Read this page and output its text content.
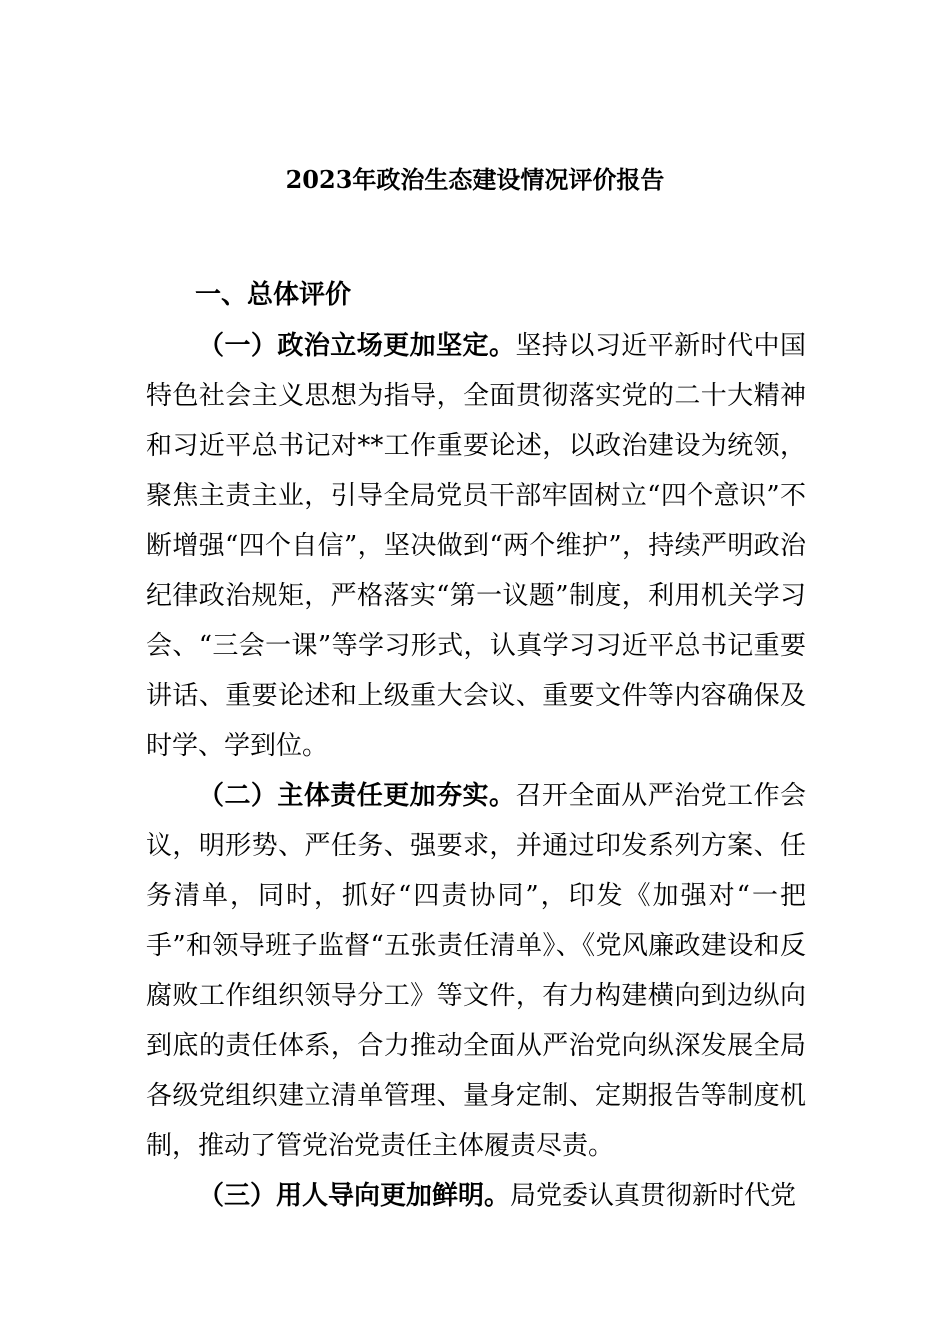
2023年政治生态建设情况评价报告
一、总体评价

（一）政治立场更加坚定。坚持以习近平新时代中国特色社会主义思想为指导，全面贯彻落实党的二十大精神和习近平总书记对**工作重要论述，以政治建设为统领，聚焦主责主业，引导全局党员干部牢固树立“四个意识”不断增强“四个自信”，坚决做到“两个维护”，持续严明政治纪律政治规矩，严格落实“第一议题”制度，利用机关学习会、“三会一课”等学习形式，认真学习习近平总书记重要讲话、重要论述和上级重大会议、重要文件等内容确保及时学、学到位。

（二）主体责任更加夯实。召开全面从严治党工作会议，明形势、严任务、强要求，并通过印发系列方案、任务清单，同时，抓好“四责协同”，印发《加强对“一把手”和领导班子监督“五张责任清单》、《党风廉政建设和反腐败工作组织领导分工》等文件，有力构建横向到边纵向到底的责任体系，合力推动全面从严治党向纵深发展全局各级党组织建立清单管理、量身定制、定期报告等制度机制，推动了管党治党责任主体履责尽责。

（三）用人导向更加鲜明。局党委认真贯彻新时代党
